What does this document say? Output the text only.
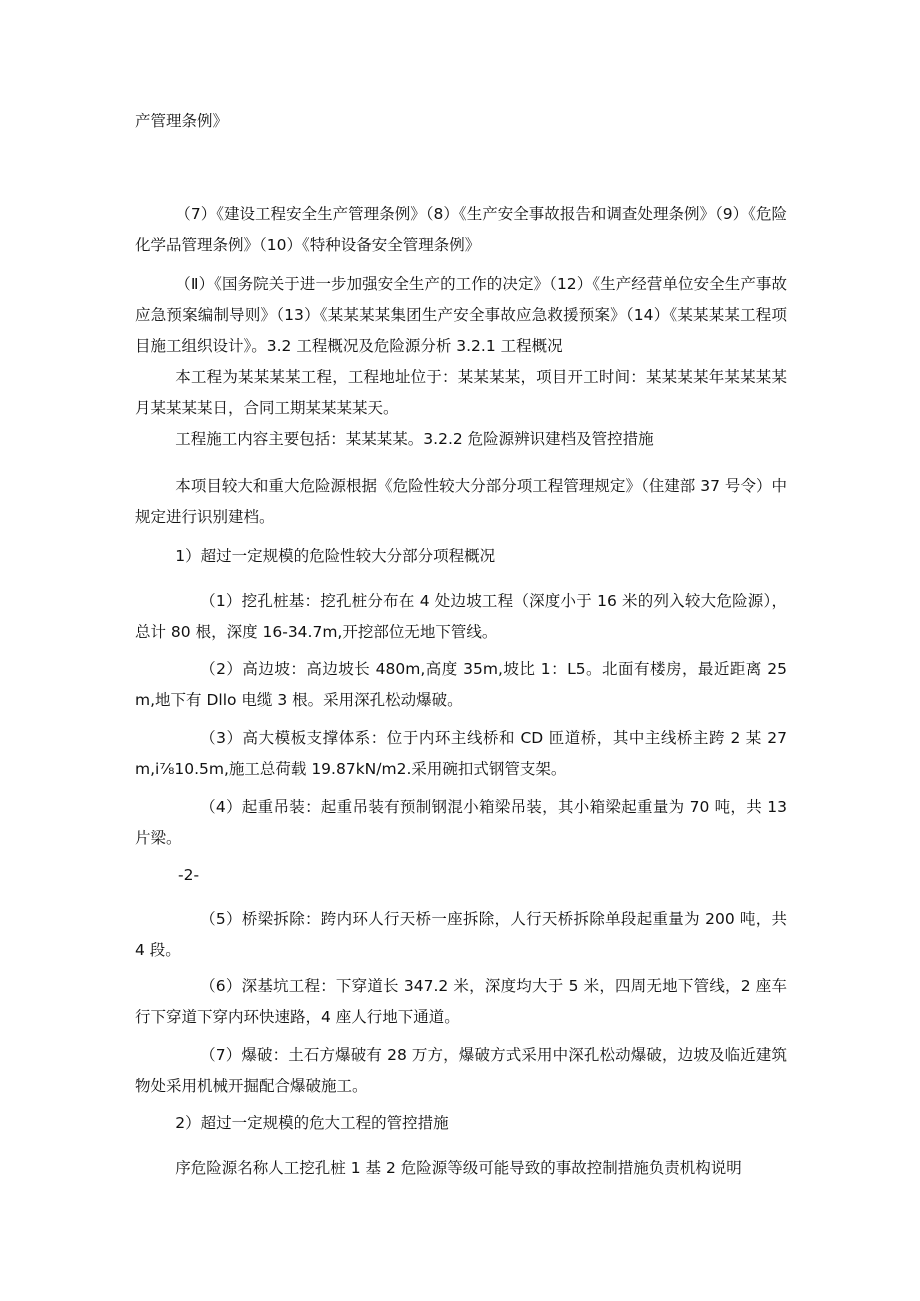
产管理条例》

（7）《建设工程安全生产管理条例》（8）《生产安全事故报告和调查处理条例》（9）《危险化学品管理条例》（10）《特种设备安全管理条例》

（Ⅱ）《国务院关于进一步加强安全生产的工作的决定》（12）《生产经营单位安全生产事故应急预案编制导则》（13）《某某某某集团生产安全事故应急救援预案》（14）《某某某某工程项目施工组织设计》。3.2 工程概况及危险源分析 3.2.1 工程概况

本工程为某某某某工程，工程地址位于：某某某某，项目开工时间：某某某某年某某某某月某某某某日，合同工期某某某某天。

工程施工内容主要包括：某某某某。3.2.2 危险源辨识建档及管控措施

本项目较大和重大危险源根据《危险性较大分部分项工程管理规定》（住建部 37 号令）中规定进行识别建档。

1）超过一定规模的危险性较大分部分项程概况

（1）挖孔桩基：挖孔桩分布在 4 处边坡工程（深度小于 16 米的列入较大危险源），总计 80 根，深度 16-34.7m,开挖部位无地下管线。

（2）高边坡：高边坡长 480m,高度 35m,坡比 1：L5。北面有楼房，最近距离 25m,地下有 Dllo 电缆 3 根。采用深孔松动爆破。

（3）高大模板支撑体系：位于内环主线桥和 CD 匝道桥，其中主线桥主跨 2 某 27m,i⅞10.5m,施工总荷载 19.87kN∕m2.采用碗扣式钢管支架。

（4）起重吊装：起重吊装有预制钢混小箱梁吊装，其小箱梁起重量为 70 吨，共 13 片梁。

-2-

（5）桥梁拆除：跨内环人行天桥一座拆除，人行天桥拆除单段起重量为 200 吨，共 4 段。

（6）深基坑工程：下穿道长 347.2 米，深度均大于 5 米，四周无地下管线，2 座车行下穿道下穿内环快速路，4 座人行地下通道。

（7）爆破：土石方爆破有 28 万方，爆破方式采用中深孔松动爆破，边坡及临近建筑物处采用机械开掘配合爆破施工。

2）超过一定规模的危大工程的管控措施

序危险源名称人工挖孔桩 1 基 2 危险源等级可能导致的事故控制措施负责机构说明
